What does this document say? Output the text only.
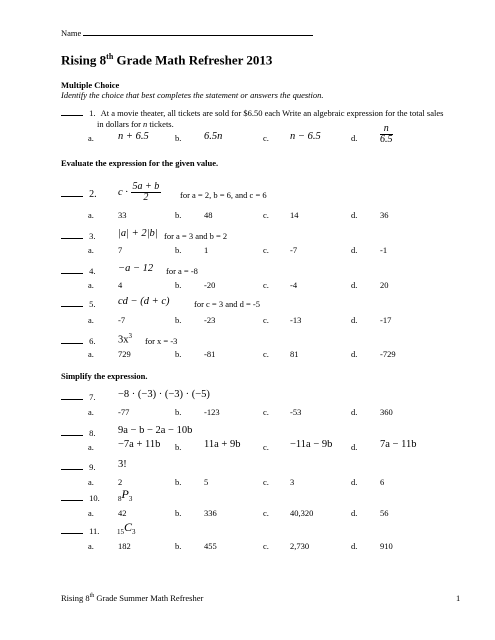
Name
Rising 8th Grade Math Refresher 2013
Multiple Choice
Identify the choice that best completes the statement or answers the question.
1. At a movie theater, all tickets are sold for $6.50 each Write an algebraic expression for the total sales
in dollars for n tickets.
a. n + 6.5	b. 6.5n	c. n − 6.5	d. $\frac{n}{6.5}$
Evaluate the expression for the given value.
2. $c \cdot \frac{5a + b}{2}$ for a = 2, b = 6, and c = 6
a.	33	b.	48	c. 14	d.	36
3. |a| + 2|b| for a = 3 and b = 2
a.	7	b.	1	c. -7	d.	-1
4. −a − 12 for a = -8
a.	4	b.	-20	c. -4	d.	20
5. cd − (d + c)	for c = 3 and d = -5
a.	-7	b.	-23	c. -13	d.	-17
6. $3x^3$ for x = -3
a.	729	b.	-81	c. 81	d.	-729
Simplify the expression.
7. −8 · (−3) · (−3) · (−5)
a.	-77	b.	-123	c. -53	d.	360
8. 9a − b − 2a − 10b
a. −7a + 11b b. 11a + 9b	c. −11a − 9b d. 7a − 11b
9. 3!
a.	2	b.	5	c. 3	d.	6
10.	$_8P_3$
a.	42	b.	336	c. 40,320	d.	56
11.	$_{15}C_3$
a.	182	b.	455	c. 2,730	d.	910
Rising 8th Grade Summer Math Refresher	1
